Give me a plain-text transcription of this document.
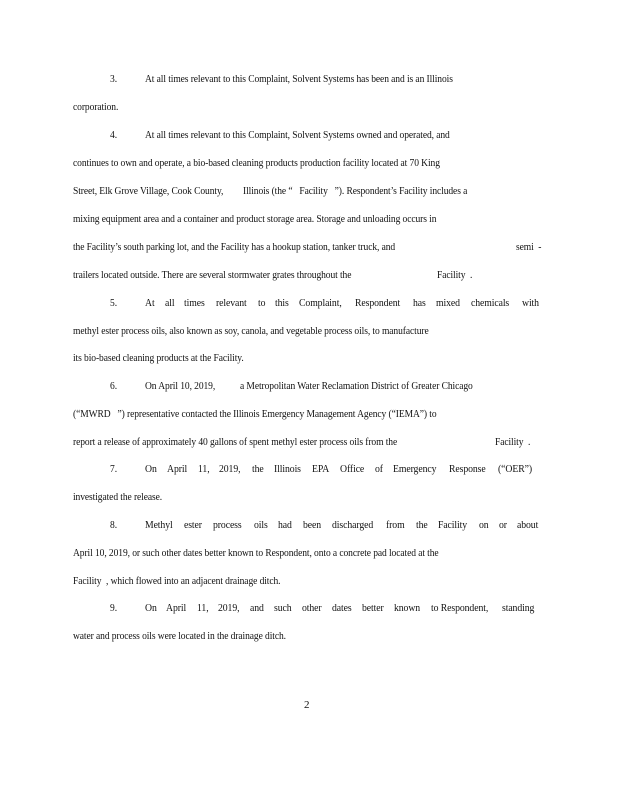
3.	At all times relevant to this Complaint, Solvent Systems has been and is an Illinois
corporation.
4.	At all times relevant to this Complaint, Solvent Systems owned and operated, and
continues to own and operate, a bio-based cleaning products production facility located at 70 King
Street, Elk Grove Village, Cook County, Illinois (the “   Facility   ”). Respondent’s Facility includes a
mixing equipment area and a container and product storage area. Storage and unloading occurs in
the Facility’s south parking lot, and the Facility has a hookup station, tanker truck, and	semi  -
trailers located outside. There are several stormwater grates throughout the	Facility  .
5.	At all times relevant to this Complaint, Respondent has mixed chemicals with
methyl ester process oils, also known as soy, canola, and vegetable process oils, to manufacture
its bio-based cleaning products at the Facility.
6.	On April 10, 2019, a Metropolitan Water Reclamation District of Greater Chicago
(“MWRD   ”) representative contacted the Illinois Emergency Management Agency (“IEMA”) to
report a release of approximately 40 gallons of spent methyl ester process oils from the	Facility  .
7.	On April 11, 2019, the Illinois EPA Office of Emergency Response (“OER”)
investigated the release.
8.	Methyl ester process oils had been discharged from the Facility on or about
April 10, 2019, or such other dates better known to Respondent, onto a concrete pad located at the
Facility  , which flowed into an adjacent drainage ditch.
9.	On April 11, 2019, and such other dates better known to Respondent, standing
water and process oils were located in the drainage ditch.
2
